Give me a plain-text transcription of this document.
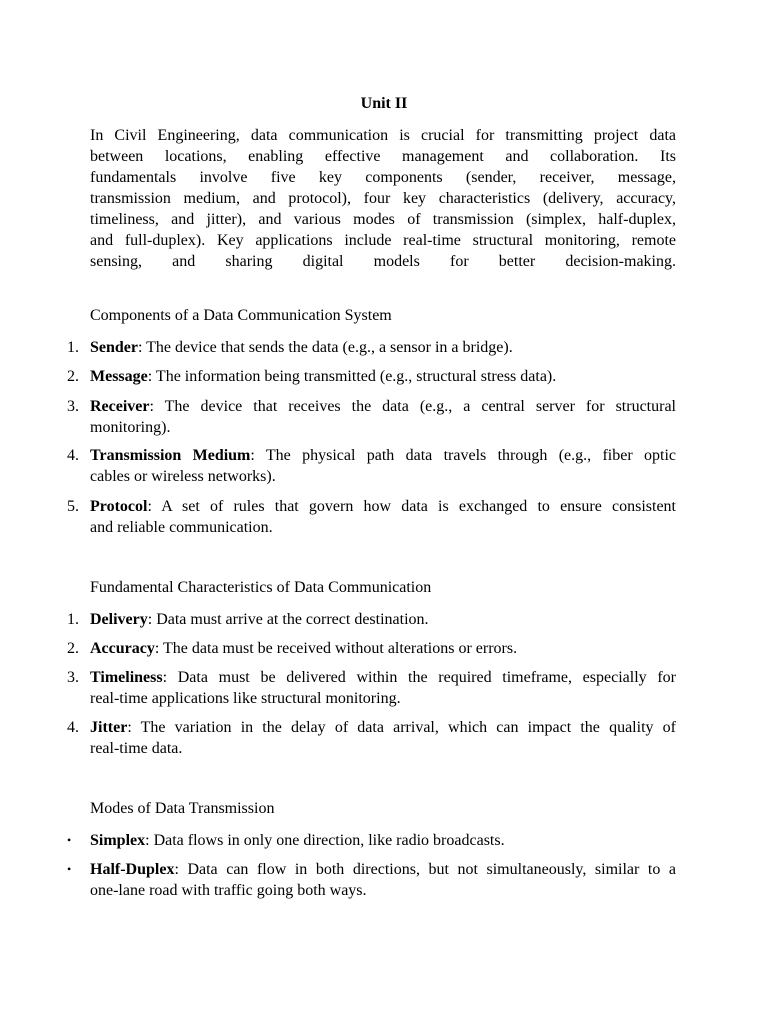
Unit II
In Civil Engineering, data communication is crucial for transmitting project data
between locations, enabling effective management and collaboration. Its
fundamentals involve five key components (sender, receiver, message,
transmission medium, and protocol), four key characteristics (delivery, accuracy,
timeliness, and jitter), and various modes of transmission (simplex, half-duplex,
and full-duplex). Key applications include real-time structural monitoring, remote
sensing, and sharing digital models for better decision-making.
Components of a Data Communication System
1. Sender: The device that sends the data (e.g., a sensor in a bridge).
2. Message: The information being transmitted (e.g., structural stress data).
3. Receiver: The device that receives the data (e.g., a central server for structural
monitoring).
4. Transmission Medium: The physical path data travels through (e.g., fiber optic
cables or wireless networks).
5. Protocol: A set of rules that govern how data is exchanged to ensure consistent
and reliable communication.
Fundamental Characteristics of Data Communication
1. Delivery: Data must arrive at the correct destination.
2. Accuracy: The data must be received without alterations or errors.
3. Timeliness: Data must be delivered within the required timeframe, especially for
real-time applications like structural monitoring.
4. Jitter: The variation in the delay of data arrival, which can impact the quality of
real-time data.
Modes of Data Transmission
•	Simplex: Data flows in only one direction, like radio broadcasts.
•	Half-Duplex: Data can flow in both directions, but not simultaneously, similar to a
one-lane road with traffic going both ways.
